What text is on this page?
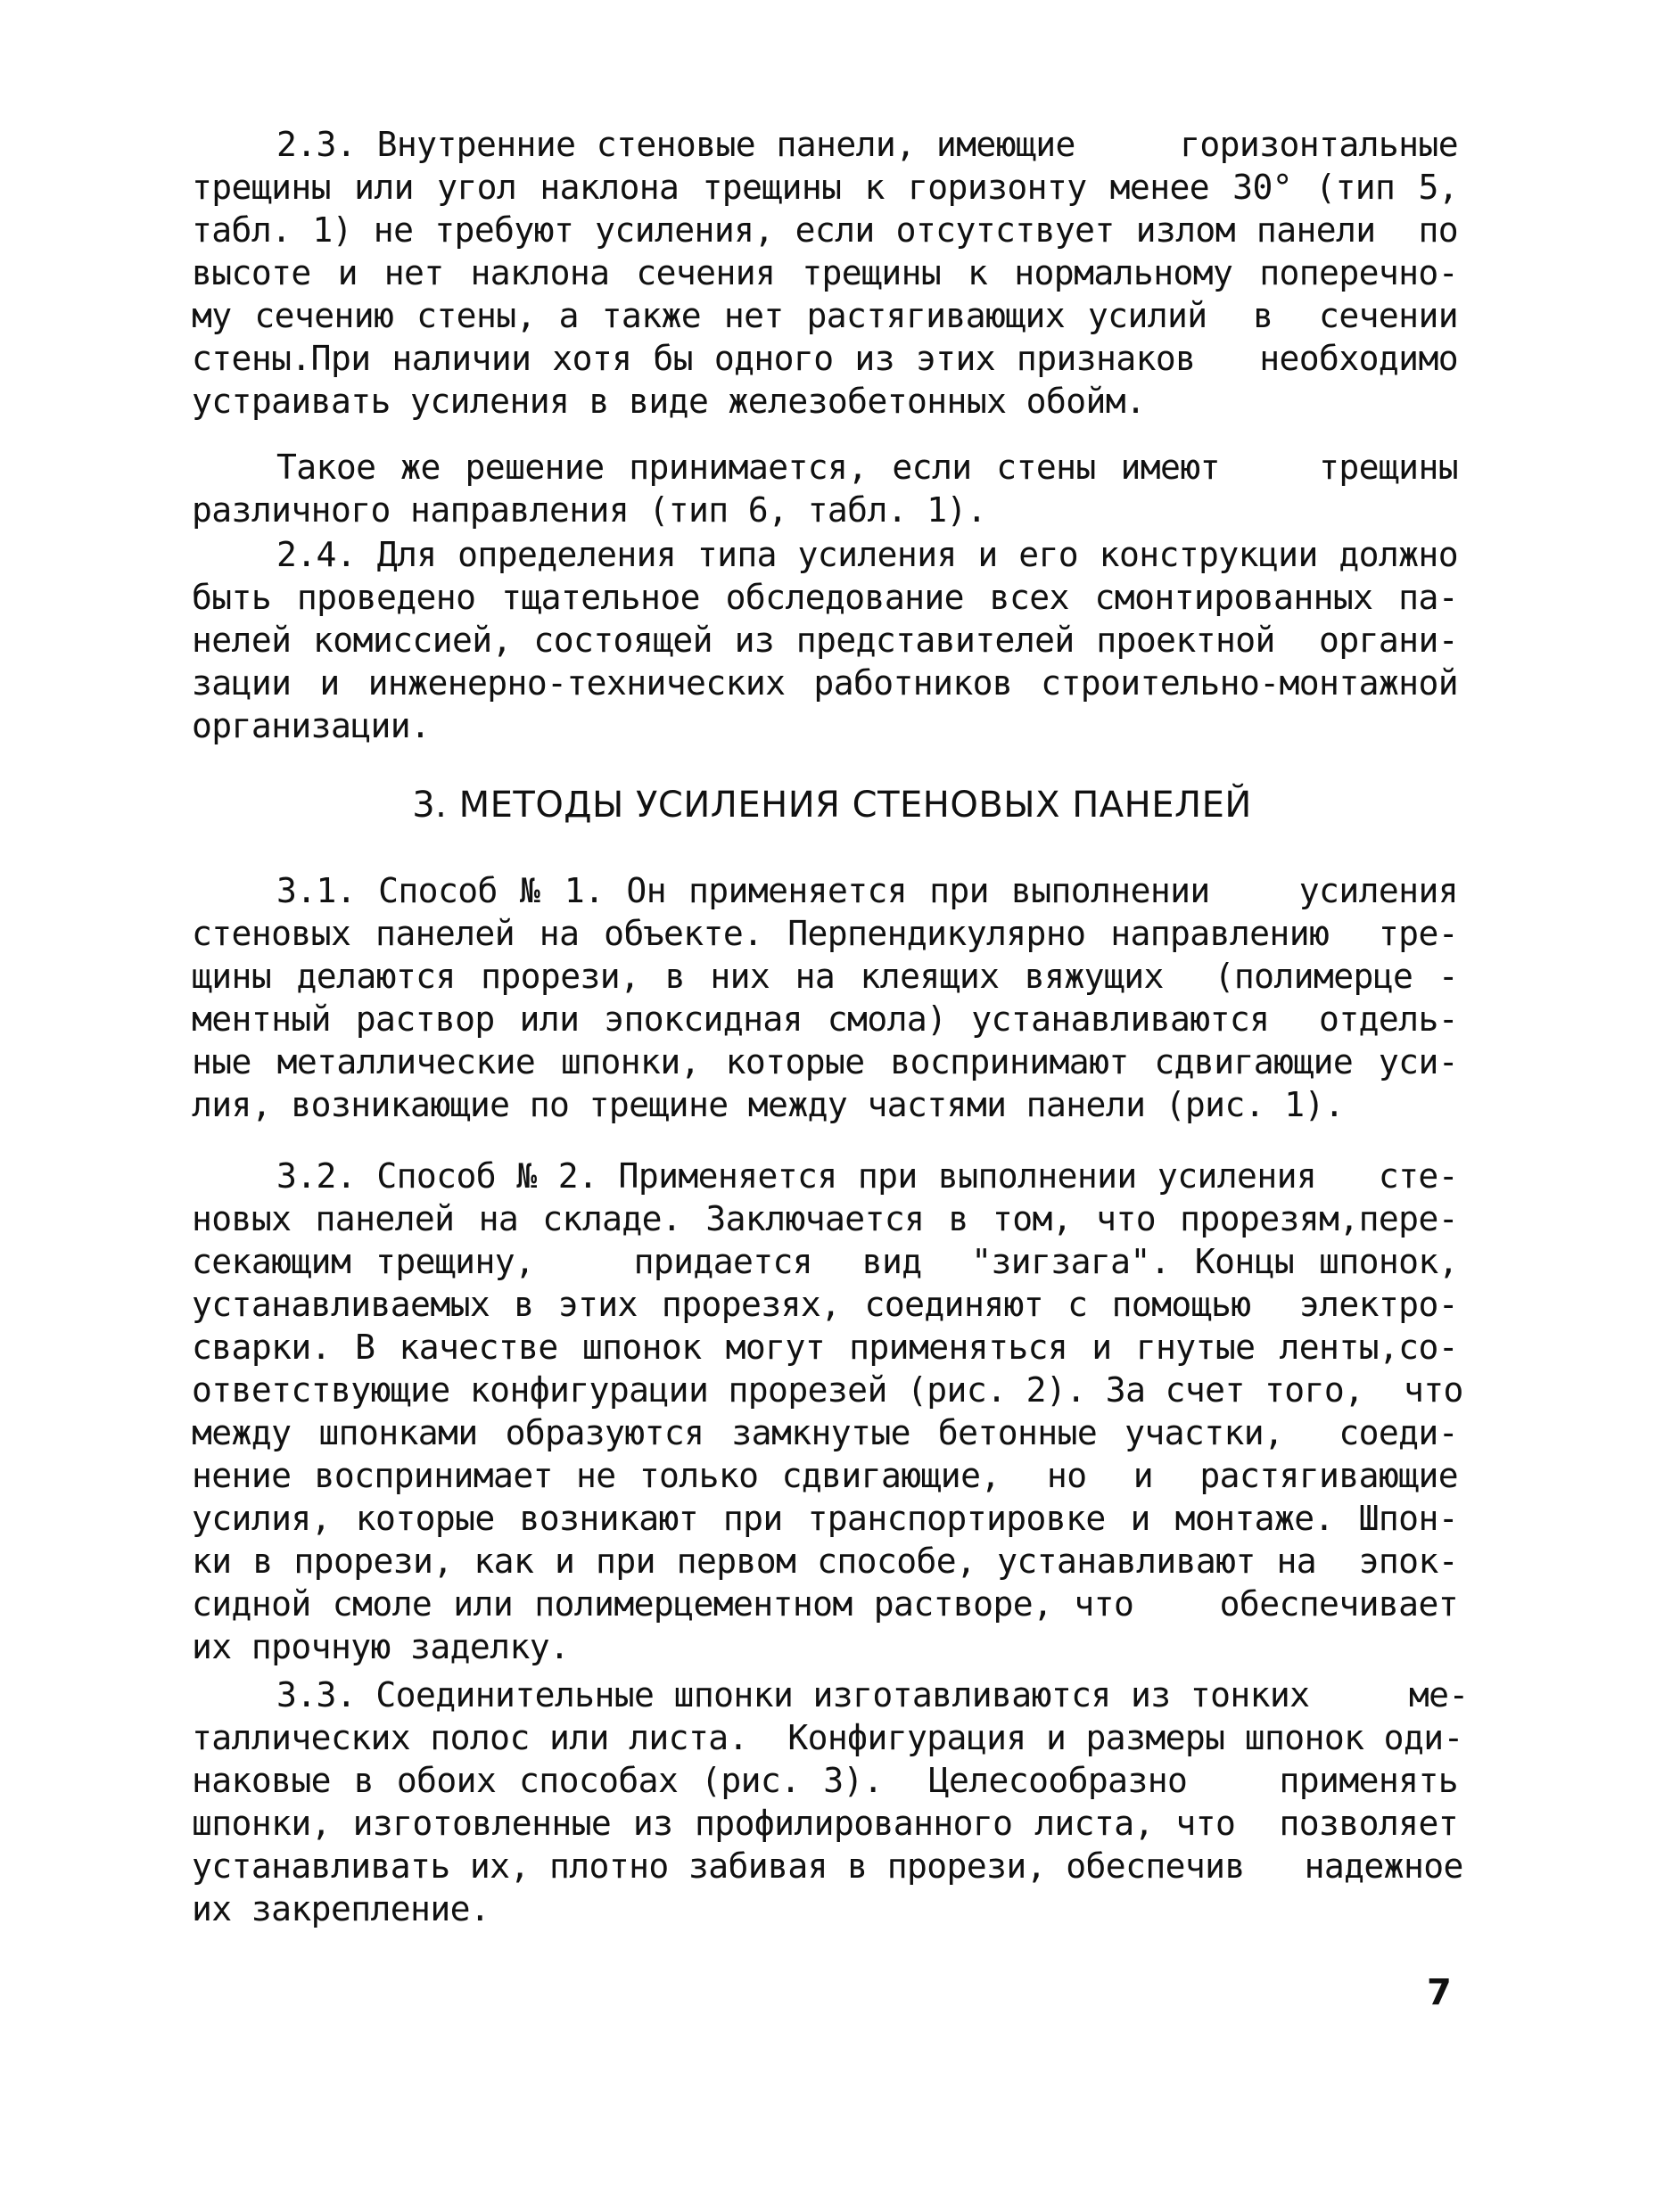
2.3. Внутренние стеновые панели, имеющие     горизонтальные
трещины или угол наклона трещины к горизонту менее 30° (тип 5,
табл. 1) не требуют усиления, если отсутствует излом панели  по
высоте и нет наклона сечения трещины к нормальному поперечно-
му сечению стены, а также нет растягивающих усилий  в  сечении
стены.При наличии хотя бы одного из этих признаков   необходимо
устраивать усиления в виде железобетонных обойм.
Такое же решение принимается, если стены имеют    трещины
различного направления (тип 6, табл. 1).
2.4. Для определения типа усиления и его конструкции должно
быть проведено тщательное обследование всех смонтированных па-
нелей комиссией, состоящей из представителей проектной  органи-
зации и инженерно-технических работников строительно-монтажной
организации.
3. МЕТОДЫ УСИЛЕНИЯ СТЕНОВЫХ ПАНЕЛЕЙ
3.1. Способ № 1. Он применяется при выполнении    усиления
стеновых панелей на объекте. Перпендикулярно направлению  тре-
щины делаются прорези, в них на клеящих вяжущих  (полимерце -
ментный раствор или эпоксидная смола) устанавливаются  отдель-
ные металлические шпонки, которые воспринимают сдвигающие уси-
лия, возникающие по трещине между частями панели (рис. 1).
3.2. Способ № 2. Применяется при выполнении усиления   сте-
новых панелей на складе. Заключается в том, что прорезям,пере-
секающим трещину,    придается  вид  "зигзага". Концы шпонок,
устанавливаемых в этих прорезях, соединяют с помощью  электро-
сварки. В качестве шпонок могут применяться и гнутые ленты,со-
ответствующие конфигурации прорезей (рис. 2). За счет того,  что
между шпонками образуются замкнутые бетонные участки,  соеди-
нение воспринимает не только сдвигающие,  но  и  растягивающие
усилия, которые возникают при транспортировке и монтаже. Шпон-
ки в прорези, как и при первом способе, устанавливают на  эпок-
сидной смоле или полимерцементном растворе, что    обеспечивает
их прочную заделку.
3.3. Соединительные шпонки изготавливаются из тонких     ме-
таллических полос или листа.  Конфигурация и размеры шпонок оди-
наковые в обоих способах (рис. 3).  Целесообразно    применять
шпонки, изготовленные из профилированного листа, что  позволяет
устанавливать их, плотно забивая в прорези, обеспечив   надежное
их закрепление.
7
